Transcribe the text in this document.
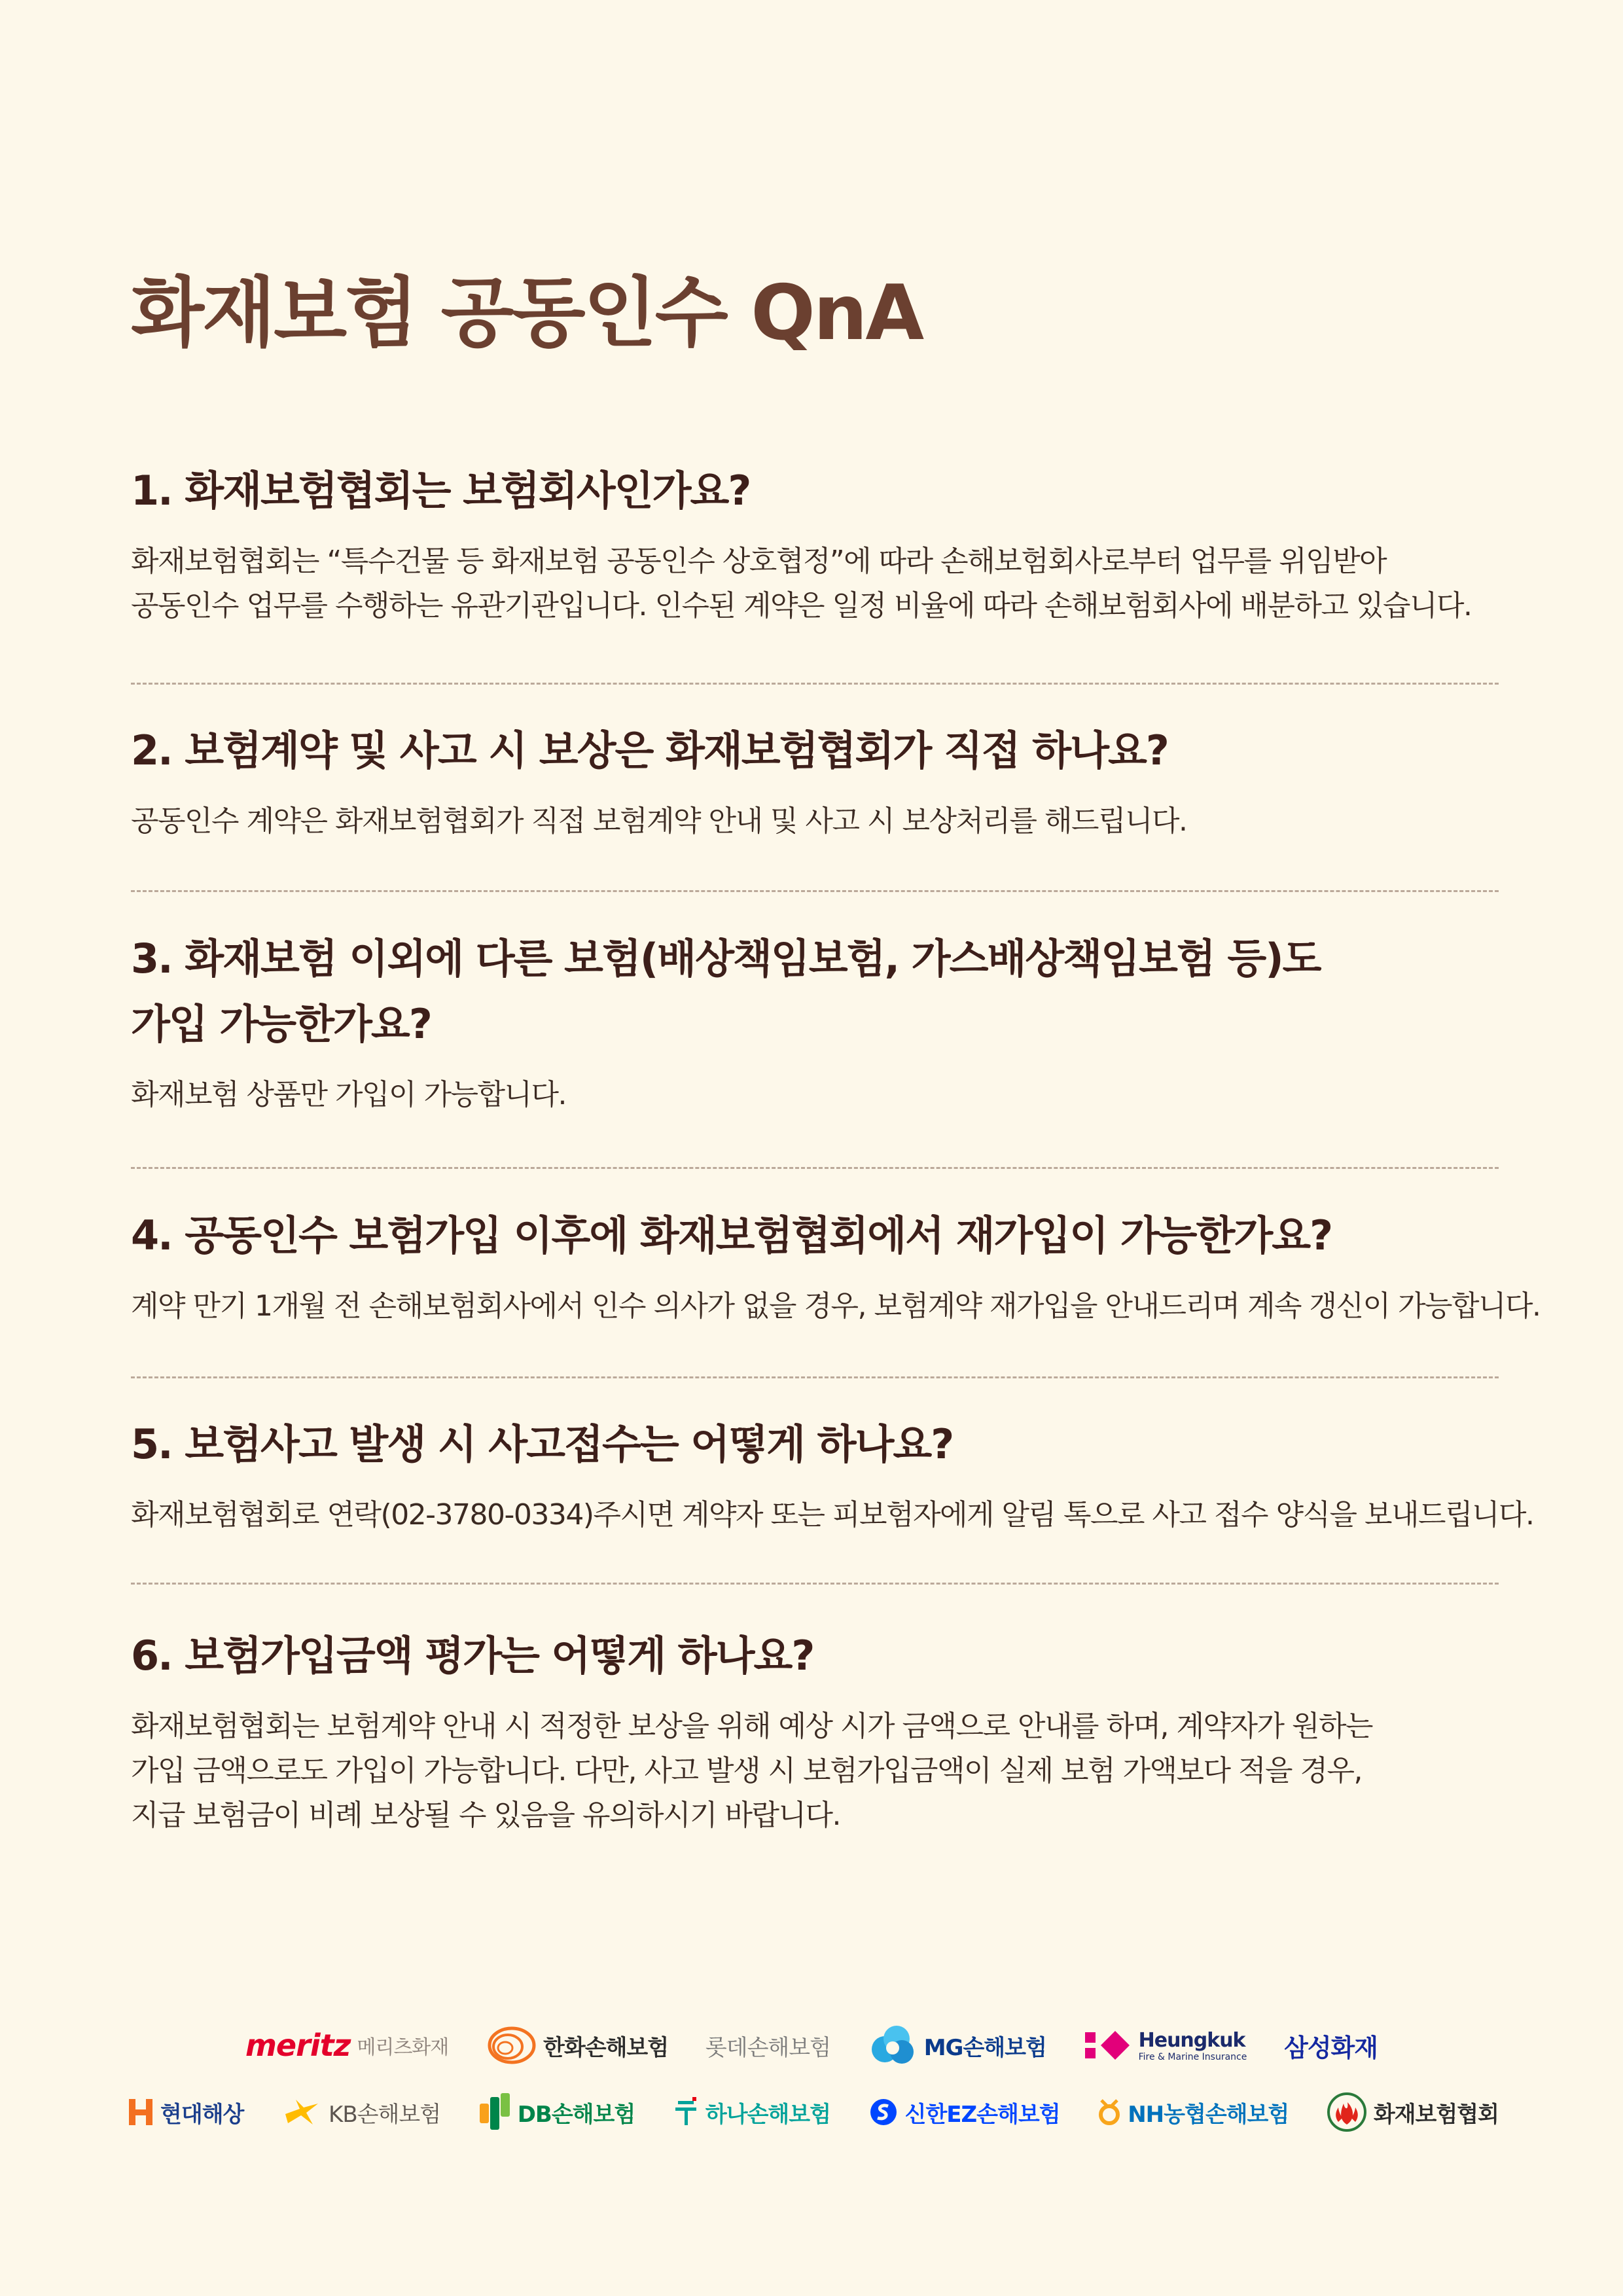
화재보험 공동인수 QnA

1. 화재보험협회는 보험회사인가요?

화재보험협회는 “특수건물 등 화재보험 공동인수 상호협정”에 따라 손해보험회사로부터 업무를 위임받아

공동인수 업무를 수행하는 유관기관입니다. 인수된 계약은 일정 비율에 따라 손해보험회사에 배분하고 있습니다.

2. 보험계약 및 사고 시 보상은 화재보험협회가 직접 하나요?

공동인수 계약은 화재보험협회가 직접 보험계약 안내 및 사고 시 보상처리를 해드립니다.

3. 화재보험 이외에 다른 보험(배상책임보험, 가스배상책임보험 등)도

가입 가능한가요?

화재보험 상품만 가입이 가능합니다.

4. 공동인수 보험가입 이후에 화재보험협회에서 재가입이 가능한가요?

계약 만기 1개월 전 손해보험회사에서 인수 의사가 없을 경우, 보험계약 재가입을 안내드리며 계속 갱신이 가능합니다.

5. 보험사고 발생 시 사고접수는 어떻게 하나요?

화재보험협회로 연락(02-3780-0334)주시면 계약자 또는 피보험자에게 알림 톡으로 사고 접수 양식을 보내드립니다.

6. 보험가입금액 평가는 어떻게 하나요?

화재보험협회는 보험계약 안내 시 적정한 보상을 위해 예상 시가 금액으로 안내를 하며, 계약자가 원하는

가입 금액으로도 가입이 가능합니다. 다만, 사고 발생 시 보험가입금액이 실제 보험 가액보다 적을 경우,

지급 보험금이 비례 보상될 수 있음을 유의하시기 바랍니다.

meritz 메리츠화재	한화손해보험 롯데손해보험	MG손해보험	Heungkuk
Fire & Marine Insurance 삼성화재
현대해상	KB손해보험	DB손해보험	하나손해보험	신한EZ손해보험	NH농협손해보험	화재보험협회
